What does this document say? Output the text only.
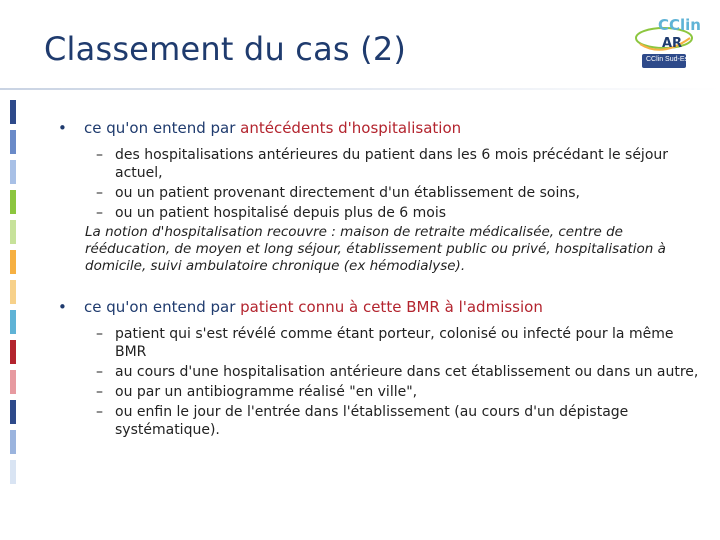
Classement du cas (2)
CClin
AR
CClin Sud-Est
• ce qu'on entend par antécédents d'hospitalisation
– des hospitalisations antérieures du patient dans les 6 mois précédant le séjour actuel,
– ou un patient provenant directement d'un établissement de soins,
– ou un patient hospitalisé depuis plus de 6 mois
La notion d'hospitalisation recouvre : maison de retraite médicalisée, centre de rééducation, de moyen et long séjour, établissement public ou privé, hospitalisation à domicile, suivi ambulatoire chronique (ex hémodialyse).
• ce qu'on entend par patient connu à cette BMR à l'admission
– patient qui s'est révélé comme étant porteur, colonisé ou infecté pour la même BMR
– au cours d'une hospitalisation antérieure dans cet établissement ou dans un autre,
– ou par un antibiogramme réalisé "en ville",
– ou enfin le jour de l'entrée dans l'établissement (au cours d'un dépistage systématique).
